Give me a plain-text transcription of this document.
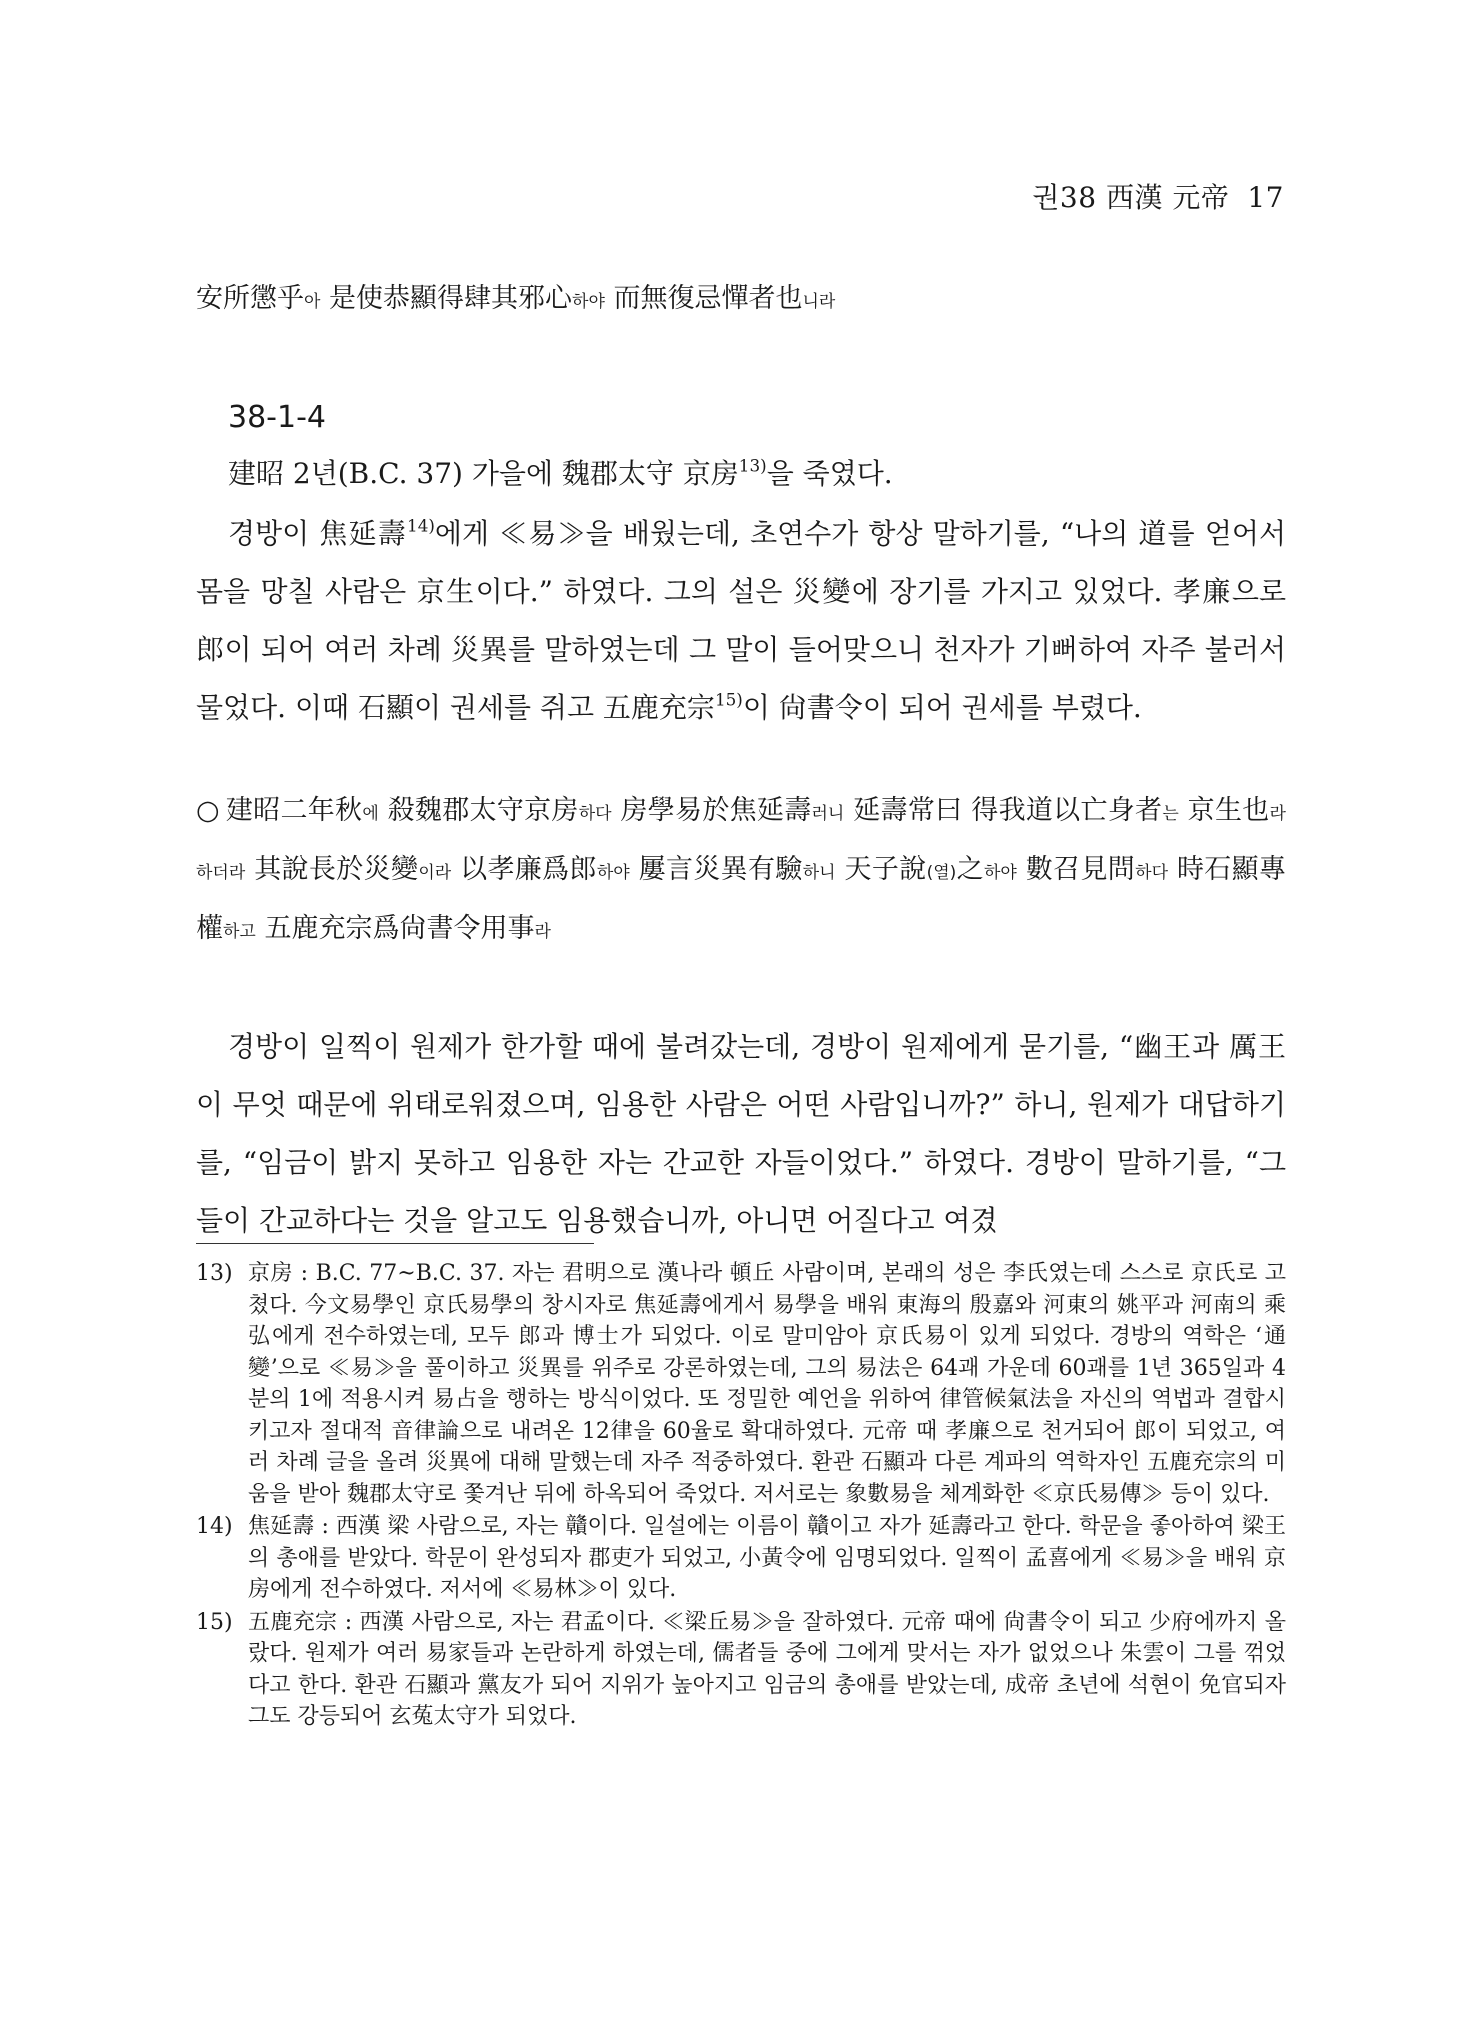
권38 西漢 元帝 17
安所懲乎아 是使恭顯得肆其邪心하야 而無復忌憚者也니라
38-1-4

建昭 2년(B.C. 37) 가을에 魏郡太守 京房$^{13)}$을 죽였다.

경방이 焦延壽$^{14)}$에게 ≪易≫을 배웠는데, 초연수가 항상 말하기를, “나의 道를 얻어서 몸을 망칠 사람은 京生이다.” 하였다. 그의 설은 災變에 장기를 가지고 있었다. 孝廉으로 郎이 되어 여러 차례 災異를 말하였는데 그 말이 들어맞으니 천자가 기뻐하여 자주 불러서 물었다. 이때 石顯이 권세를 쥐고 五鹿充宗$^{15)}$이 尙書令이 되어 권세를 부렸다.

○ 建昭二年秋에 殺魏郡太守京房하다 房學易於焦延壽러니 延壽常曰 得我道以亡身者는 京生也라하더라 其說長於災變이라 以孝廉爲郎하야 屢言災異有驗하니 天子說(열)之하야 數召見問하다 時石顯專權하고 五鹿充宗爲尙書令用事라

경방이 일찍이 원제가 한가할 때에 불려갔는데, 경방이 원제에게 묻기를, “幽王과 厲王이 무엇 때문에 위태로워졌으며, 임용한 사람은 어떤 사람입니까?” 하니, 원제가 대답하기를, “임금이 밝지 못하고 임용한 자는 간교한 자들이었다.” 하였다. 경방이 말하기를, “그들이 간교하다는 것을 알고도 임용했습니까, 아니면 어질다고 여겼

13) 京房 : B.C. 77~B.C. 37. 자는 君明으로 漢나라 頓丘 사람이며, 본래의 성은 李氏였는데 스스로 京氏로 고쳤다. 今文易學인 京氏易學의 창시자로 焦延壽에게서 易學을 배워 東海의 殷嘉와 河東의 姚平과 河南의 乘弘에게 전수하였는데, 모두 郎과 博士가 되었다. 이로 말미암아 京氏易이 있게 되었다. 경방의 역학은 ‘通變’으로 ≪易≫을 풀이하고 災異를 위주로 강론하였는데, 그의 易法은 64괘 가운데 60괘를 1년 365일과 4분의 1에 적용시켜 易占을 행하는 방식이었다. 또 정밀한 예언을 위하여 律管候氣法을 자신의 역법과 결합시키고자 절대적 音律論으로 내려온 12律을 60율로 확대하였다. 元帝 때 孝廉으로 천거되어 郎이 되었고, 여러 차례 글을 올려 災異에 대해 말했는데 자주 적중하였다. 환관 石顯과 다른 계파의 역학자인 五鹿充宗의 미움을 받아 魏郡太守로 쫓겨난 뒤에 하옥되어 죽었다. 저서로는 象數易을 체계화한 ≪京氏易傳≫ 등이 있다.
14) 焦延壽 : 西漢 梁 사람으로, 자는 贛이다. 일설에는 이름이 贛이고 자가 延壽라고 한다. 학문을 좋아하여 梁王의 총애를 받았다. 학문이 완성되자 郡吏가 되었고, 小黃令에 임명되었다. 일찍이 孟喜에게 ≪易≫을 배워 京房에게 전수하였다. 저서에 ≪易林≫이 있다.
15) 五鹿充宗 : 西漢 사람으로, 자는 君孟이다. ≪梁丘易≫을 잘하였다. 元帝 때에 尙書令이 되고 少府에까지 올랐다. 원제가 여러 易家들과 논란하게 하였는데, 儒者들 중에 그에게 맞서는 자가 없었으나 朱雲이 그를 꺾었다고 한다. 환관 石顯과 黨友가 되어 지위가 높아지고 임금의 총애를 받았는데, 成帝 초년에 석현이 免官되자 그도 강등되어 玄菟太守가 되었다.
